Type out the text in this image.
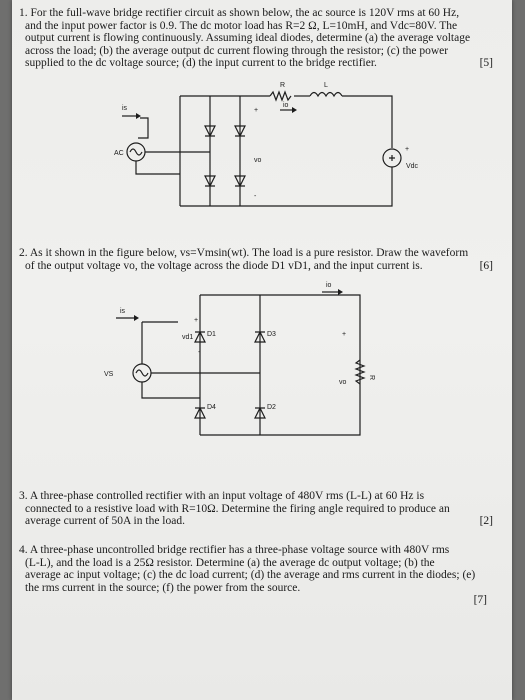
1. For the full-wave bridge rectifier circuit as shown below, the ac source is 120V rms at 60 Hz,
and the input power factor is 0.9. The dc motor load has R=2 Ω, L=10mH, and Vdc=80V. The
output current is flowing continuously. Assuming ideal diodes, determine (a) the average voltage
across the load; (b) the average output dc current flowing through the resistor; (c) the power
supplied to the dc voltage source; (d) the input current to the bridge rectifier.	[5]
R	L
is	io
AC
+
vo
-
+
Vdc
2. As it shown in the figure below, vs=Vmsin(wt). The load is a pure resistor. Draw the waveform
of the output voltage vo, the voltage across the diode D1 vD1, and the input current is.	[6]
io
is
+
vd1 D1	D3
-
VS
D4	D2
+
vo
R
3. A three-phase controlled rectifier with an input voltage of 480V rms (L-L) at 60 Hz is
connected to a resistive load with R=10Ω. Determine the firing angle required to produce an
average current of 50A in the load.	[2]
4. A three-phase uncontrolled bridge rectifier has a three-phase voltage source with 480V rms
(L-L), and the load is a 25Ω resistor. Determine (a) the average dc output voltage; (b) the
average ac input voltage; (c) the dc load current; (d) the average and rms current in the diodes; (e)
the rms current in the source; (f) the power from the source.
[7]
